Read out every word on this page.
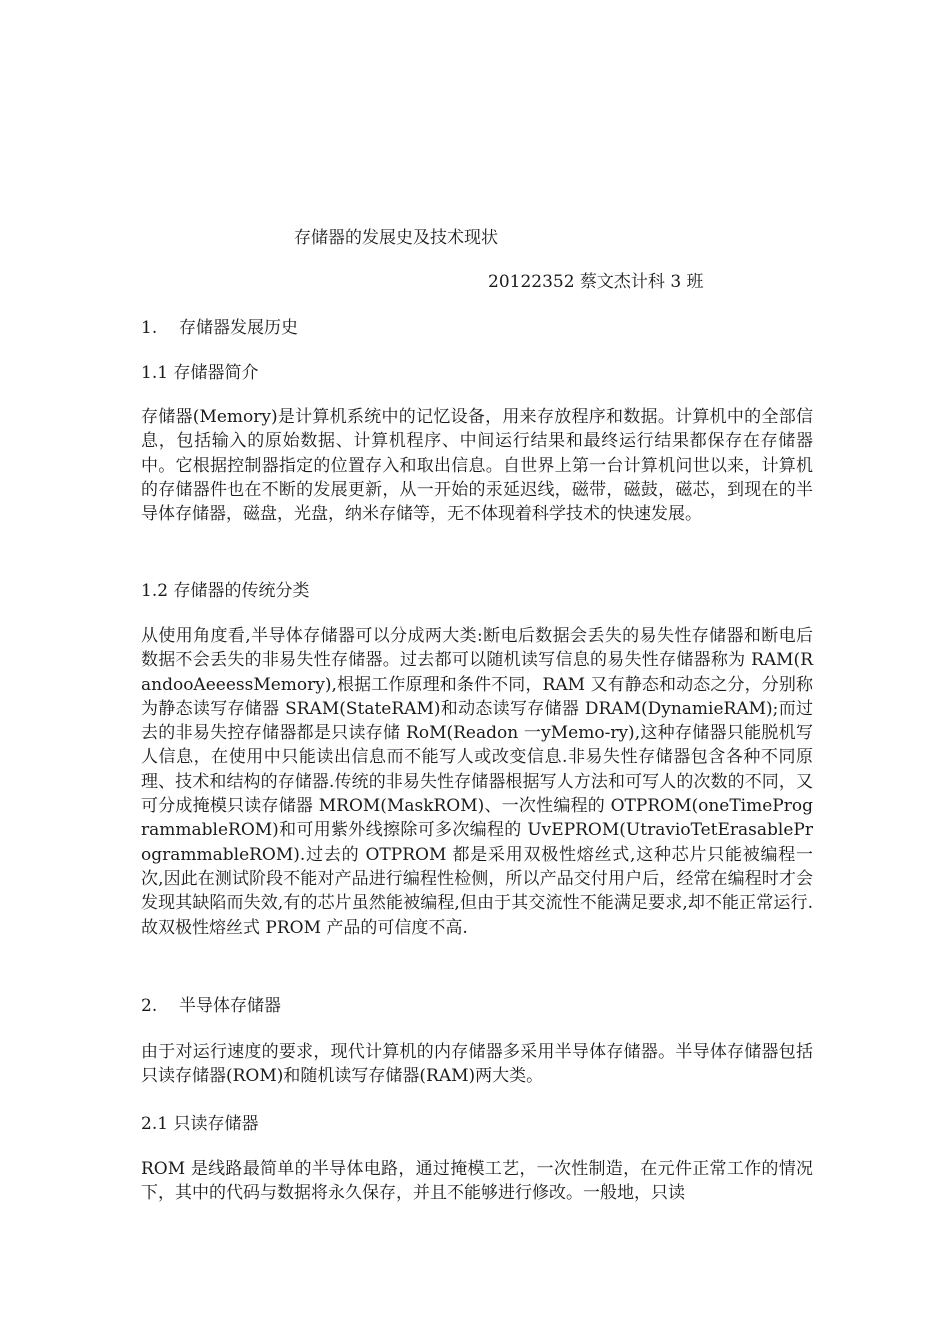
存储器的发展史及技术现状
20122352 蔡文杰计科 3 班
1. 存储器发展历史
1.1 存储器简介
存储器(Memory)是计算机系统中的记忆设备，用来存放程序和数据。计算机中的全部信息，包括输入的原始数据、计算机程序、中间运行结果和最终运行结果都保存在存储器中。它根据控制器指定的位置存入和取出信息。自世界上第一台计算机问世以来，计算机的存储器件也在不断的发展更新，从一开始的汞延迟线，磁带，磁鼓，磁芯，到现在的半导体存储器，磁盘，光盘，纳米存储等，无不体现着科学技术的快速发展。
1.2 存储器的传统分类
从使用角度看,半导体存储器可以分成两大类:断电后数据会丢失的易失性存储器和断电后数据不会丢失的非易失性存储器。过去都可以随机读写信息的易失性存储器称为 RAM(RandooAeeessMemory),根据工作原理和条件不同，RAM 又有静态和动态之分，分别称为静态读写存储器 SRAM(StateRAM)和动态读写存储器 DRAM(DynamieRAM);而过去的非易失控存储器都是只读存储 RoM(Readon 一yMemo-ry),这种存储器只能脱机写人信息，在使用中只能读出信息而不能写人或改变信息.非易失性存储器包含各种不同原理、技术和结构的存储器.传统的非易失性存储器根据写人方法和可写人的次数的不同，又可分成掩模只读存储器 MROM(MaskROM)、一次性编程的 OTPROM(oneTimeProgrammableROM)和可用紫外线擦除可多次编程的 UvEPROM(UtravioTetErasableProgrammableROM).过去的 OTPROM 都是采用双极性熔丝式,这种芯片只能被编程一次,因此在测试阶段不能对产品进行编程性检侧，所以产品交付用户后，经常在编程时才会发现其缺陷而失效,有的芯片虽然能被编程,但由于其交流性不能满足要求,却不能正常运行.故双极性熔丝式 PROM 产品的可信度不高.
2. 半导体存储器
由于对运行速度的要求，现代计算机的内存储器多采用半导体存储器。半导体存储器包括只读存储器(ROM)和随机读写存储器(RAM)两大类。
2.1 只读存储器
ROM 是线路最简单的半导体电路，通过掩模工艺，一次性制造，在元件正常工作的情况下，其中的代码与数据将永久保存，并且不能够进行修改。一般地，只读
